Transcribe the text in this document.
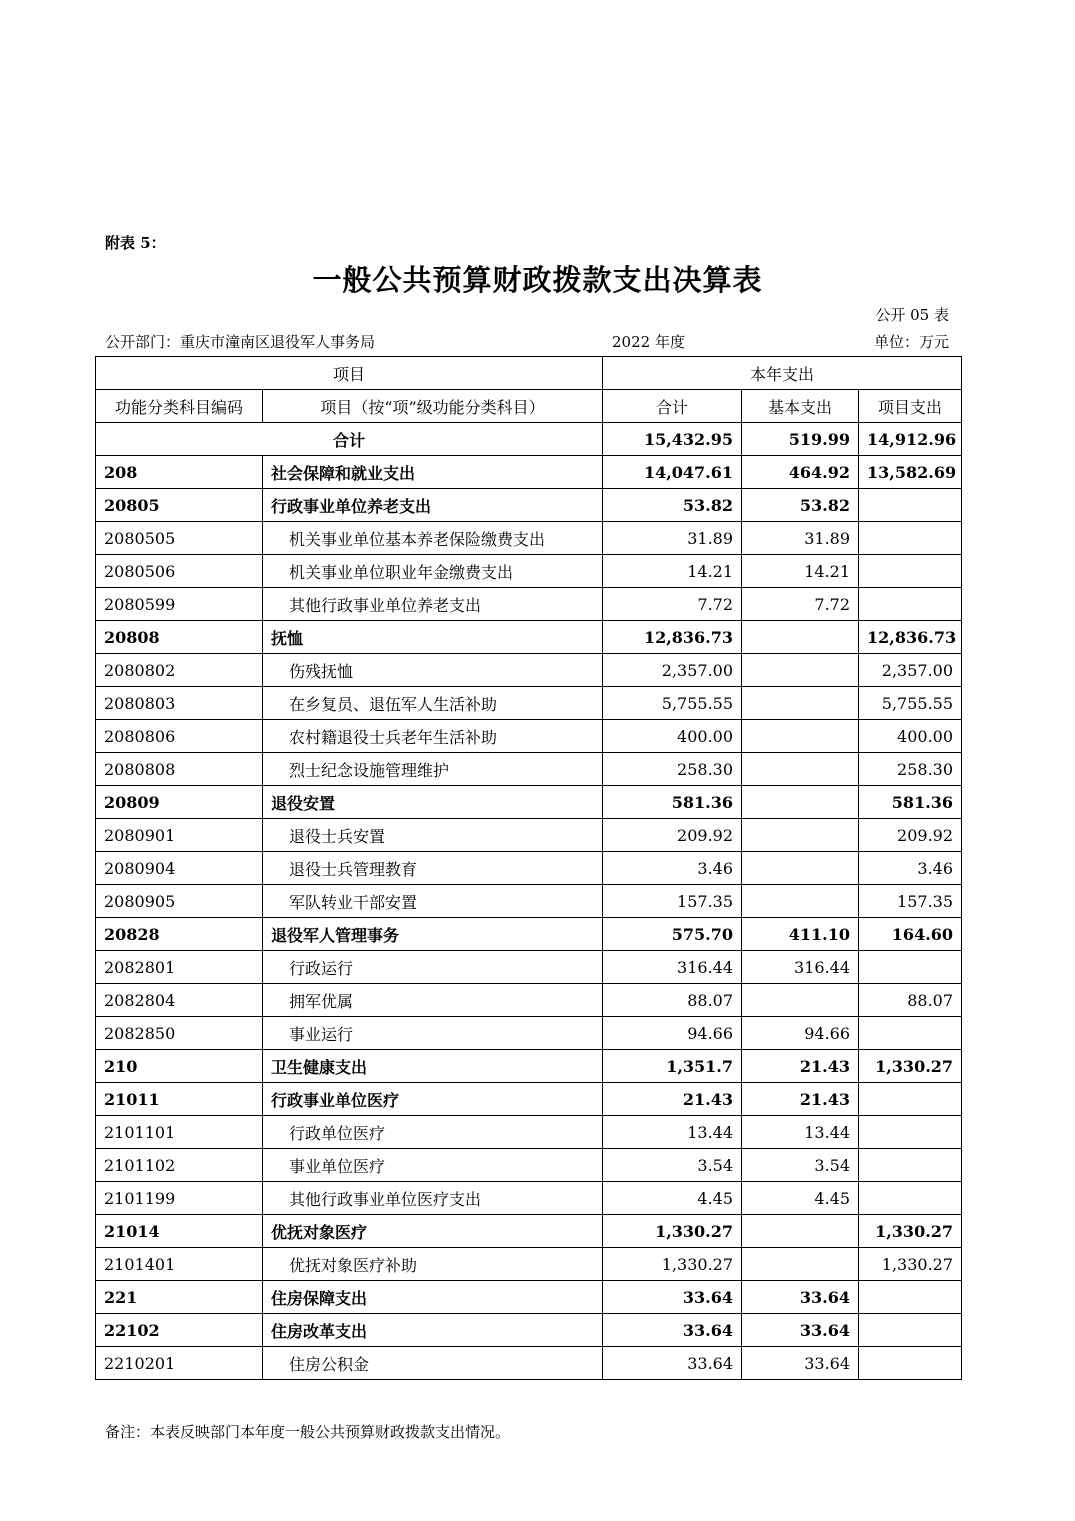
附表 5：
一般公共预算财政拨款支出决算表
公开 05 表
公开部门：重庆市潼南区退役军人事务局	2022 年度	单位：万元
项目		本年支出		
功能分类科目编码	项目（按“项”级功能分类科目）	合计	基本支出	项目支出
合计		15,432.95	519.99	14,912.96
208	社会保障和就业支出	14,047.61	464.92	13,582.69
20805	行政事业单位养老支出	53.82	53.82	
2080505	机关事业单位基本养老保险缴费支出	31.89	31.89	
2080506	机关事业单位职业年金缴费支出	14.21	14.21	
2080599	其他行政事业单位养老支出	7.72	7.72	
20808	抚恤	12,836.73		12,836.73
2080802	伤残抚恤	2,357.00		2,357.00
2080803	在乡复员、退伍军人生活补助	5,755.55		5,755.55
2080806	农村籍退役士兵老年生活补助	400.00		400.00
2080808	烈士纪念设施管理维护	258.30		258.30
20809	退役安置	581.36		581.36
2080901	退役士兵安置	209.92		209.92
2080904	退役士兵管理教育	3.46		3.46
2080905	军队转业干部安置	157.35		157.35
20828	退役军人管理事务	575.70	411.10	164.60
2082801	行政运行	316.44	316.44	
2082804	拥军优属	88.07		88.07
2082850	事业运行	94.66	94.66	
210	卫生健康支出	1,351.7	21.43	1,330.27
21011	行政事业单位医疗	21.43	21.43	
2101101	行政单位医疗	13.44	13.44	
2101102	事业单位医疗	3.54	3.54	
2101199	其他行政事业单位医疗支出	4.45	4.45	
21014	优抚对象医疗	1,330.27		1,330.27
2101401	优抚对象医疗补助	1,330.27		1,330.27
221	住房保障支出	33.64	33.64	
22102	住房改革支出	33.64	33.64	
2210201	住房公积金	33.64	33.64	
备注：本表反映部门本年度一般公共预算财政拨款支出情况。
